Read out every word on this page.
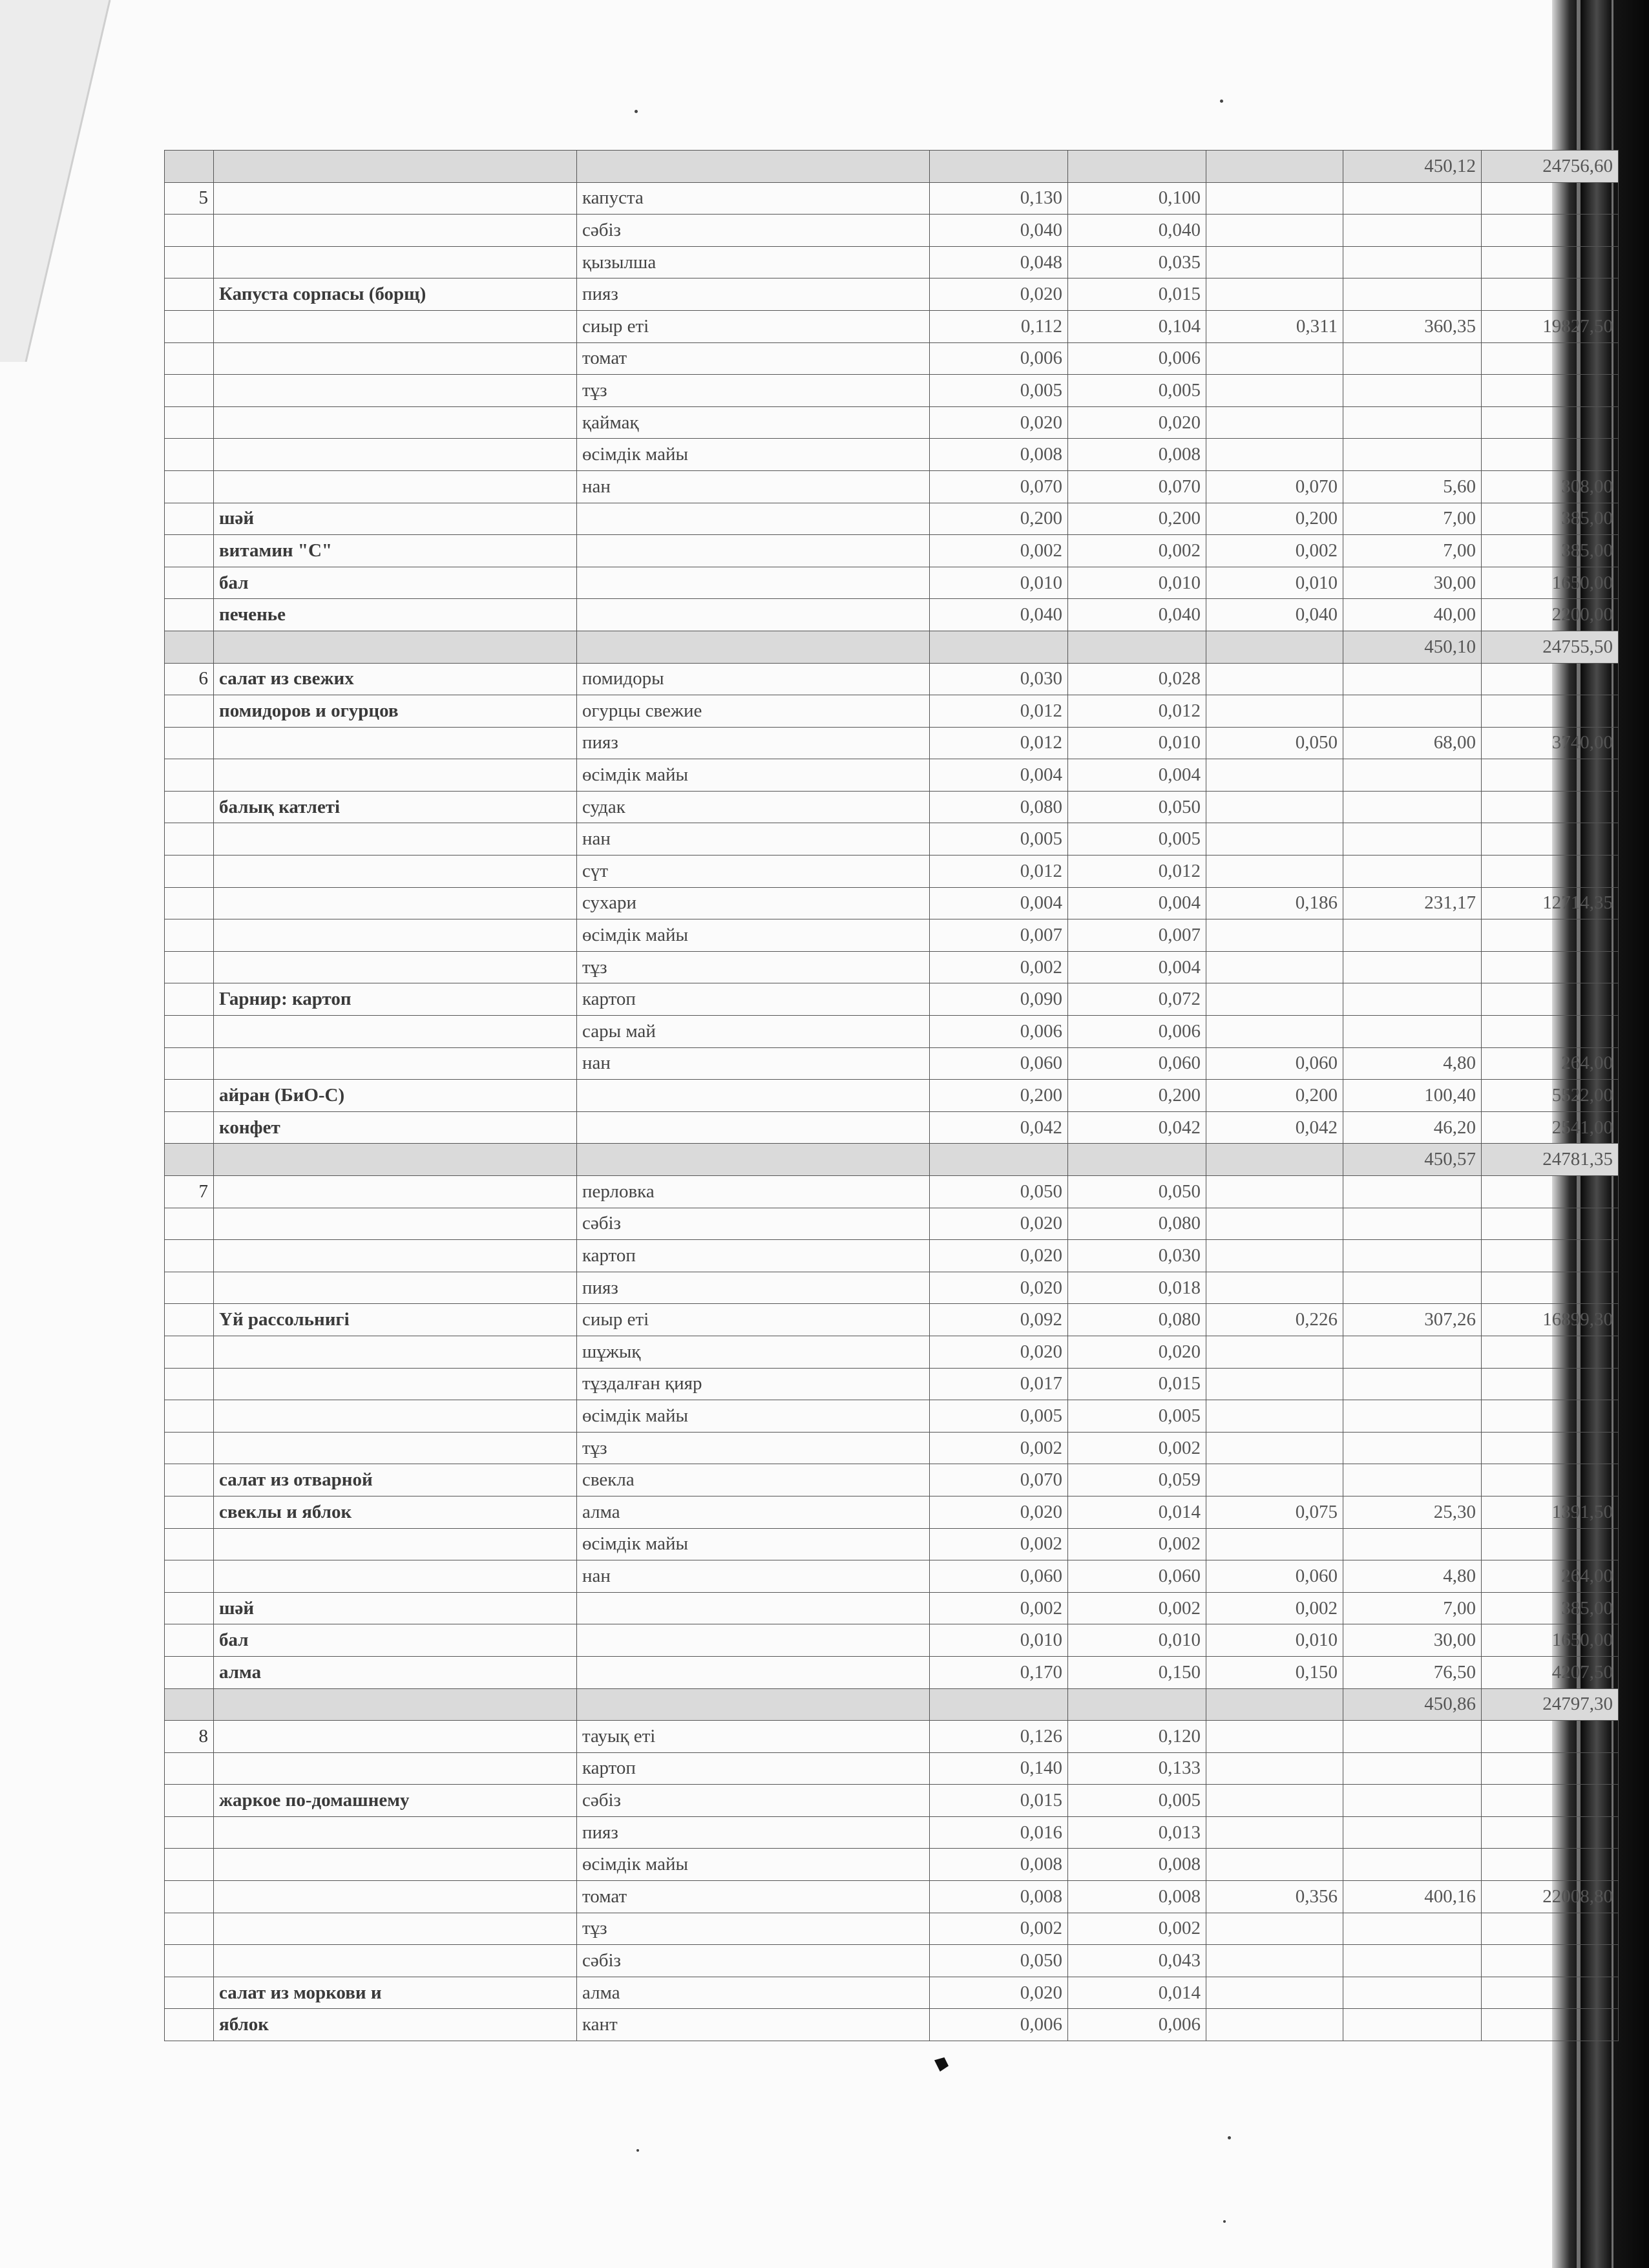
						450,12	24756,60
5		капуста	0,130	0,100			
		сәбіз	0,040	0,040			
		қызылша	0,048	0,035			
	Капуста сорпасы (борщ)	пияз	0,020	0,015			
		сиыр еті	0,112	0,104	0,311	360,35	19827,50
		томат	0,006	0,006			
		тұз	0,005	0,005			
		қаймақ	0,020	0,020			
		өсімдік майы	0,008	0,008			
		нан	0,070	0,070	0,070	5,60	308,00
	шәй		0,200	0,200	0,200	7,00	385,00
	витамин "С"		0,002	0,002	0,002	7,00	385,00
	бал		0,010	0,010	0,010	30,00	1650,00
	печенье		0,040	0,040	0,040	40,00	2200,00
						450,10	24755,50
6	салат из свежих	помидоры	0,030	0,028			
	помидоров и огурцов	огурцы свежие	0,012	0,012			
		пияз	0,012	0,010	0,050	68,00	3740,00
		өсімдік майы	0,004	0,004			
	балық катлеті	судак	0,080	0,050			
		нан	0,005	0,005			
		сүт	0,012	0,012			
		сухари	0,004	0,004	0,186	231,17	12714,35
		өсімдік майы	0,007	0,007			
		тұз	0,002	0,004			
	Гарнир: картоп	картоп	0,090	0,072			
		сары май	0,006	0,006			
		нан	0,060	0,060	0,060	4,80	264,00
	айран (БиО-С)		0,200	0,200	0,200	100,40	5522,00
	конфет		0,042	0,042	0,042	46,20	2541,00
						450,57	24781,35
7		перловка	0,050	0,050			
		сәбіз	0,020	0,080			
		картоп	0,020	0,030			
		пияз	0,020	0,018			
	Үй рассольнигі	сиыр еті	0,092	0,080	0,226	307,26	16899,30
		шұжық	0,020	0,020			
		тұздалған қияр	0,017	0,015			
		өсімдік майы	0,005	0,005			
		тұз	0,002	0,002			
	салат из отварной	свекла	0,070	0,059			
	свеклы и яблок	алма	0,020	0,014	0,075	25,30	1391,50
		өсімдік майы	0,002	0,002			
		нан	0,060	0,060	0,060	4,80	264,00
	шәй		0,002	0,002	0,002	7,00	385,00
	бал		0,010	0,010	0,010	30,00	1650,00
	алма		0,170	0,150	0,150	76,50	4207,50
						450,86	24797,30
8		тауық еті	0,126	0,120			
		картоп	0,140	0,133			
	жаркое по-домашнему	сәбіз	0,015	0,005			
		пияз	0,016	0,013			
		өсімдік майы	0,008	0,008			
		томат	0,008	0,008	0,356	400,16	22008,80
		тұз	0,002	0,002			
		сәбіз	0,050	0,043			
	салат из моркови и	алма	0,020	0,014			
	яблок	кант	0,006	0,006			
